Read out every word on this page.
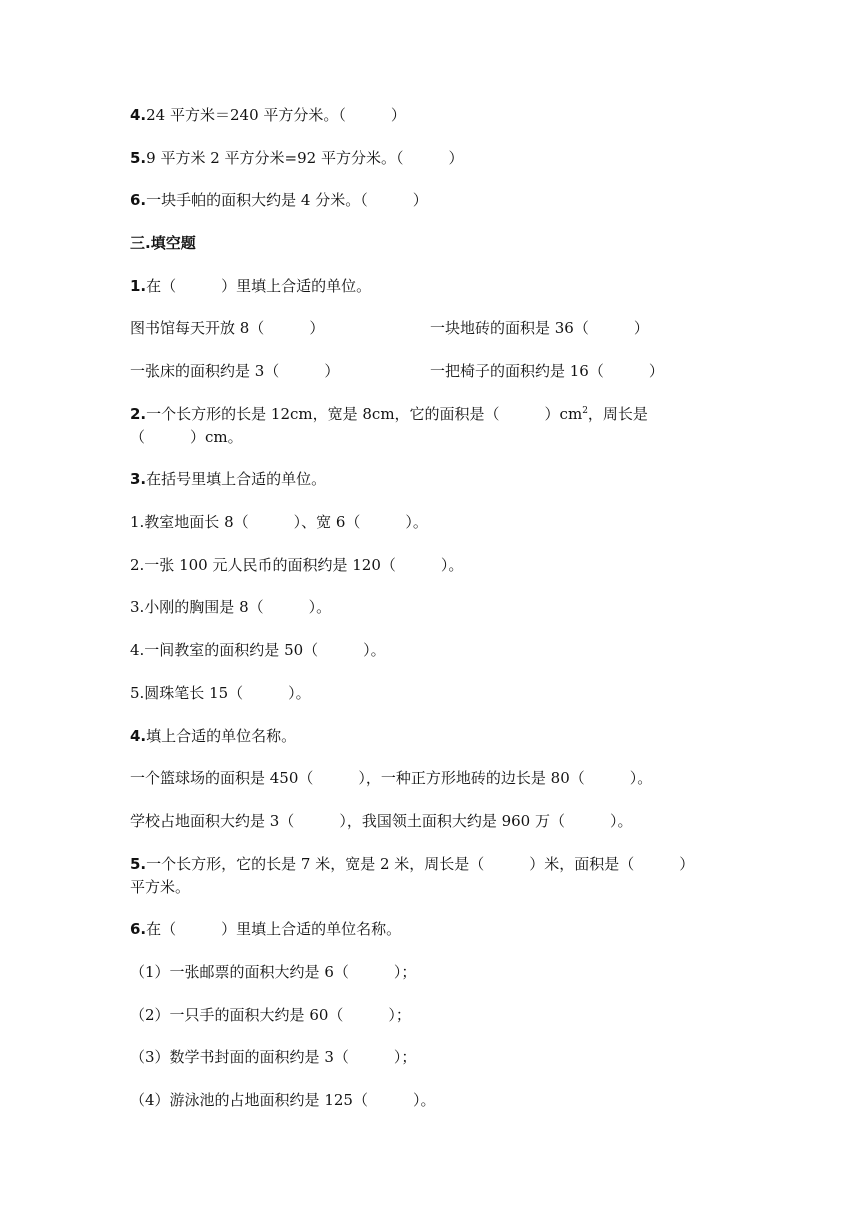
4.24 平方米＝240 平方分米。（　　　）
5.9 平方米 2 平方分米=92 平方分米。（　　　）
6.一块手帕的面积大约是 4 分米。（　　　）
三.填空题
1.在（　　　）里填上合适的单位。
图书馆每天开放 8（　　　）	一块地砖的面积是 36（　　　）
一张床的面积约是 3（　　　）	一把椅子的面积约是 16（　　　）
2.一个长方形的长是 12cm，宽是 8cm，它的面积是（　　　）$cm^2$，周长是
（　　　）cm。
3.在括号里填上合适的单位。
1.教室地面长 8（　　　）、宽 6（　　　）。
2.一张 100 元人民币的面积约是 120（　　　）。
3.小刚的胸围是 8（　　　）。
4.一间教室的面积约是 50（　　　）。
5.圆珠笔长 15（　　　）。
4.填上合适的单位名称。
一个篮球场的面积是 450（　　　），一种正方形地砖的边长是 80（　　　）。
学校占地面积大约是 3（　　　），我国领土面积大约是 960 万（　　　）。
5.一个长方形，它的长是 7 米，宽是 2 米，周长是（　　　）米，面积是（　　　）
平方米。
6.在（　　　）里填上合适的单位名称。
（1）一张邮票的面积大约是 6（　　　）；
（2）一只手的面积大约是 60（　　　）；
（3）数学书封面的面积约是 3（　　　）；
（4）游泳池的占地面积约是 125（　　　）。
